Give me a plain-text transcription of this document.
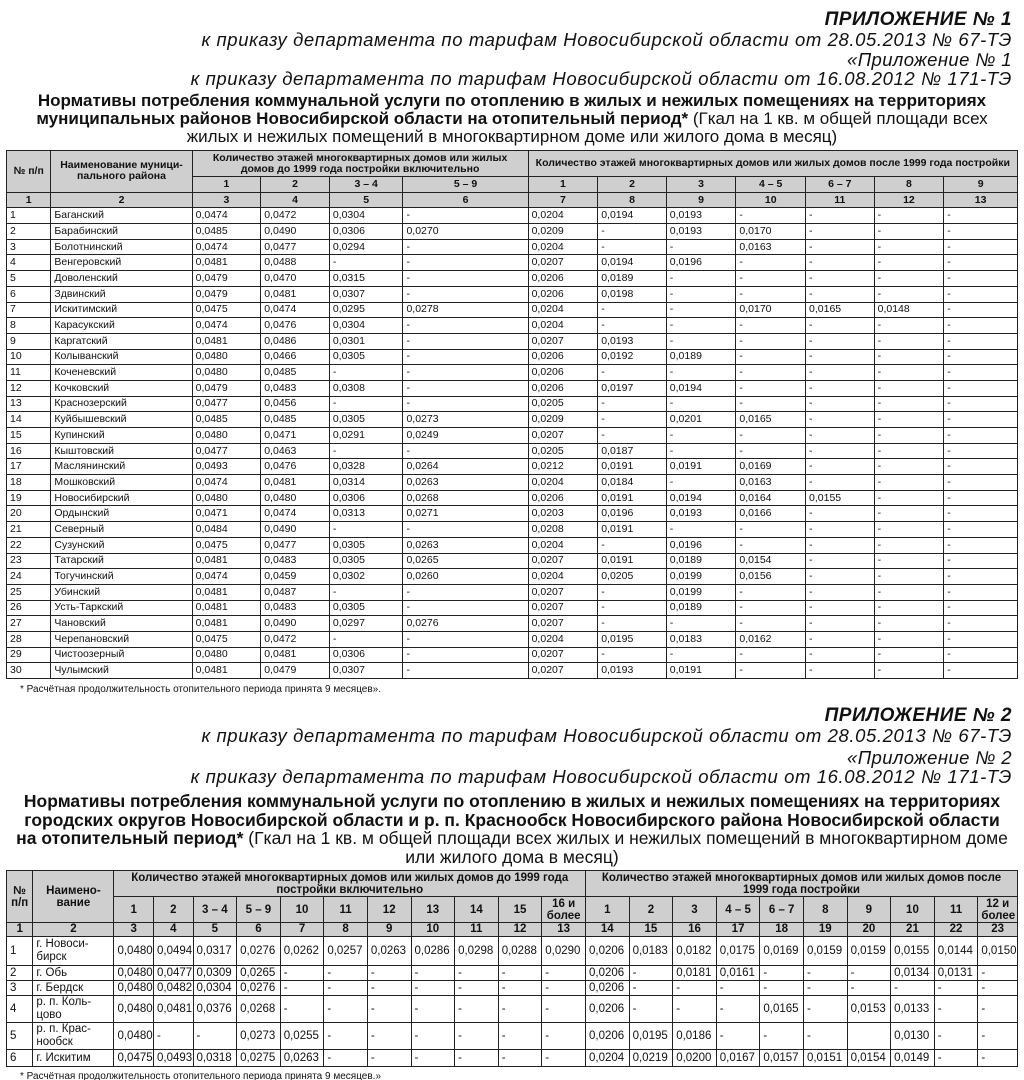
ПРИЛОЖЕНИЕ № 1
к приказу департамента по тарифам Новосибирской области от 28.05.2013 № 67-ТЭ
«Приложение № 1
к приказу департамента по тарифам Новосибирской области от 16.08.2012 № 171-ТЭ
Нормативы потребления коммунальной услуги по отоплению в жилых и нежилых помещениях на территориях муниципальных районов Новосибирской области на отопительный период* (Гкал на 1 кв. м общей площади всех жилых и нежилых помещений в многоквартирном доме или жилого дома в месяц)
№ п/п	Наименование муници-пального района	Количество этажей многоквартирных домов или жилых домов до 1999 года постройки включительно				Количество этажей многоквартирных домов или жилых домов после 1999 года постройки						
		1	2	3 – 4	5 – 9	1	2	3	4 – 5	6 – 7	8	9
1	2	3	4	5	6	7	8	9	10	11	12	13
1	Баганский	0,0474	0,0472	0,0304	-	0,0204	0,0194	0,0193	-	-	-	-
2	Барабинский	0,0485	0,0490	0,0306	0,0270	0,0209	-	0,0193	0,0170	-	-	-
3	Болотнинский	0,0474	0,0477	0,0294	-	0,0204	-	-	0,0163	-	-	-
4	Венгеровский	0,0481	0,0488	-	-	0,0207	0,0194	0,0196	-	-	-	-
5	Доволенский	0,0479	0,0470	0,0315	-	0,0206	0,0189	-	-	-	-	-
6	Здвинский	0,0479	0,0481	0,0307	-	0,0206	0,0198	-	-	-	-	-
7	Искитимский	0,0475	0,0474	0,0295	0,0278	0,0204	-	-	0,0170	0,0165	0,0148	-
8	Карасукский	0,0474	0,0476	0,0304	-	0,0204	-	-	-	-	-	-
9	Каргатский	0,0481	0,0486	0,0301	-	0,0207	0,0193	-	-	-	-	-
10	Колыванский	0,0480	0,0466	0,0305	-	0,0206	0,0192	0,0189	-	-	-	-
11	Коченевский	0,0480	0,0485	-	-	0,0206	-	-	-	-	-	-
12	Кочковский	0,0479	0,0483	0,0308	-	0,0206	0,0197	0,0194	-	-	-	-
13	Краснозерский	0,0477	0,0456	-	-	0,0205	-	-	-	-	-	-
14	Куйбышевский	0,0485	0,0485	0,0305	0,0273	0,0209	-	0,0201	0,0165	-	-	-
15	Купинский	0,0480	0,0471	0,0291	0,0249	0,0207	-	-	-	-	-	-
16	Кыштовский	0,0477	0,0463	-	-	0,0205	0,0187	-	-	-	-	-
17	Маслянинский	0,0493	0,0476	0,0328	0,0264	0,0212	0,0191	0,0191	0,0169	-	-	-
18	Мошковский	0,0474	0,0481	0,0314	0,0263	0,0204	0,0184	-	0,0163	-	-	-
19	Новосибирский	0,0480	0,0480	0,0306	0,0268	0,0206	0,0191	0,0194	0,0164	0,0155	-	-
20	Ордынский	0,0471	0,0474	0,0313	0,0271	0,0203	0,0196	0,0193	0,0166	-	-	-
21	Северный	0,0484	0,0490	-	-	0,0208	0,0191	-	-	-	-	-
22	Сузунский	0,0475	0,0477	0,0305	0,0263	0,0204	-	0,0196	-	-	-	-
23	Татарский	0,0481	0,0483	0,0305	0,0265	0,0207	0,0191	0,0189	0,0154	-	-	-
24	Тогучинский	0,0474	0,0459	0,0302	0,0260	0,0204	0,0205	0,0199	0,0156	-	-	-
25	Убинский	0,0481	0,0487	-	-	0,0207	-	0,0199	-	-	-	-
26	Усть-Таркский	0,0481	0,0483	0,0305	-	0,0207	-	0,0189	-	-	-	-
27	Чановский	0,0481	0,0490	0,0297	0,0276	0,0207	-	-	-	-	-	-
28	Черепановский	0,0475	0,0472	-	-	0,0204	0,0195	0,0183	0,0162	-	-	-
29	Чистоозерный	0,0480	0,0481	0,0306	-	0,0207	-	-	-	-	-	-
30	Чулымский	0,0481	0,0479	0,0307	-	0,0207	0,0193	0,0191	-	-	-	-
* Расчётная продолжительность отопительного периода принята 9 месяцев».
ПРИЛОЖЕНИЕ № 2
к приказу департамента по тарифам Новосибирской области от 28.05.2013 № 67-ТЭ
«Приложение № 2
к приказу департамента по тарифам Новосибирской области от 16.08.2012 № 171-ТЭ
Нормативы потребления коммунальной услуги по отоплению в жилых и нежилых помещениях на территориях городских округов Новосибирской области и р. п. Краснообск Новосибирского района Новосибирской области на отопительный период* (Гкал на 1 кв. м общей площади всех жилых и нежилых помещений в многоквартирном доме или жилого дома в месяц)
№ п/п	Наимено-вание	Количество этажей многоквартирных домов или жилых домов до 1999 года постройки включительно											Количество этажей многоквартирных домов или жилых домов после 1999 года постройки									
		1	2	3 – 4	5 – 9	10	11	12	13	14	15	16 и более	1	2	3	4 – 5	6 – 7	8	9	10	11	12 и более
1	2	3	4	5	6	7	8	9	10	11	12	13	14	15	16	17	18	19	20	21	22	23
1	г. Новоси-бирск	0,0480	0,0494	0,0317	0,0276	0,0262	0,0257	0,0263	0,0286	0,0298	0,0288	0,0290	0,0206	0,0183	0,0182	0,0175	0,0169	0,0159	0,0159	0,0155	0,0144	0,0150
2	г. Обь	0,0480	0,0477	0,0309	0,0265	-	-	-	-	-	-	-	0,0206	-	0,0181	0,0161	-	-	-	0,0134	0,0131	-
3	г. Бердск	0,0480	0,0482	0,0304	0,0276	-	-	-	-	-	-	-	0,0206	-	-	-	-	-	-	-	-	-
4	р. п. Коль-цово	0,0480	0,0481	0,0376	0,0268	-	-	-	-	-	-	-	0,0206	-	-	-	0,0165	-	0,0153	0,0133	-	-
5	р. п. Крас-нообск	0,0480	-	-	0,0273	0,0255	-	-	-	-	-	-	0,0206	0,0195	0,0186	-	-	-		0,0130	-	-
6	г. Искитим	0,0475	0,0493	0,0318	0,0275	0,0263	-	-	-	-	-	-	0,0204	0,0219	0,0200	0,0167	0,0157	0,0151	0,0154	0,0149	-	-
* Расчётная продолжительность отопительного периода принята 9 месяцев.»
